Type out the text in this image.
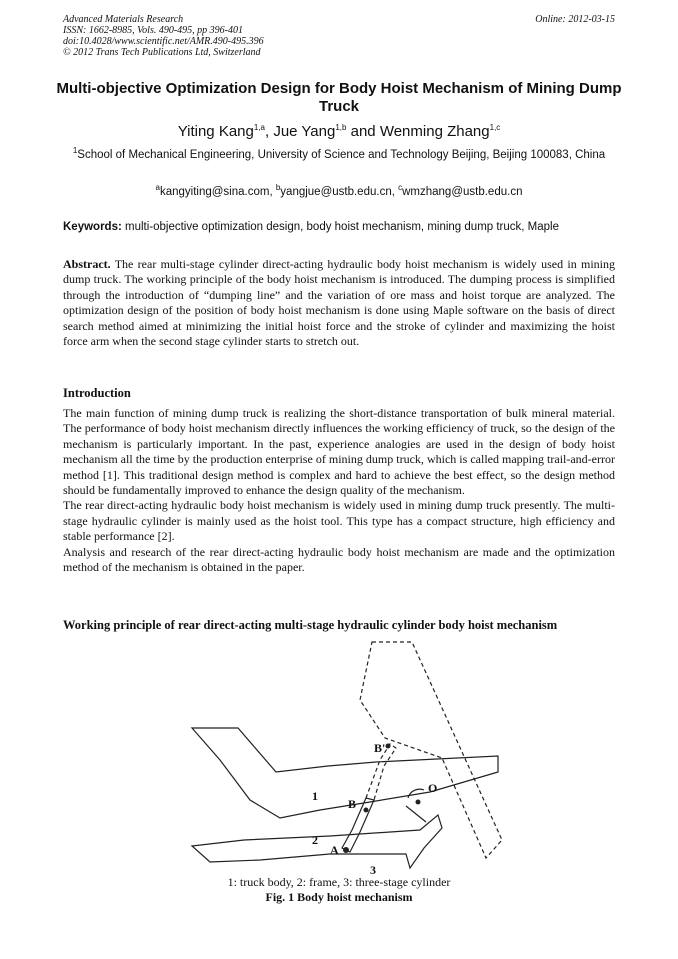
Advanced Materials Research
ISSN: 1662-8985, Vols. 490-495, pp 396-401
doi:10.4028/www.scientific.net/AMR.490-495.396
© 2012 Trans Tech Publications Ltd, Switzerland
Online: 2012-03-15
Multi-objective Optimization Design for Body Hoist Mechanism of Mining Dump Truck
Yiting Kang$^{1,a}$, Jue Yang$^{1,b}$ and Wenming Zhang$^{1,c}$
$^1$School of Mechanical Engineering, University of Science and Technology Beijing, Beijing 100083, China
$^a$kangyiting@sina.com, $^b$yangjue@ustb.edu.cn, $^c$wmzhang@ustb.edu.cn
Keywords: multi-objective optimization design, body hoist mechanism, mining dump truck, Maple
Abstract. The rear multi-stage cylinder direct-acting hydraulic body hoist mechanism is widely used in mining dump truck. The working principle of the body hoist mechanism is introduced. The dumping process is simplified through the introduction of “dumping line” and the variation of ore mass and hoist torque are analyzed. The optimization design of the position of body hoist mechanism is done using Maple software on the basis of direct search method aimed at minimizing the initial hoist force and the stroke of cylinder and maximizing the hoist force arm when the second stage cylinder starts to stretch out.
Introduction

The main function of mining dump truck is realizing the short-distance transportation of bulk mineral material. The performance of body hoist mechanism directly influences the working efficiency of truck, so the design of the mechanism is particularly important. In the past, experience analogies are used in the design of body hoist mechanism all the time by the production enterprise of mining dump truck, which is called mapping trail-and-error method [1]. This traditional design method is complex and hard to achieve the best effect, so the design method should be fundamentally improved to enhance the design quality of the mechanism.

The rear direct-acting hydraulic body hoist mechanism is widely used in mining dump truck presently. The multi-stage hydraulic cylinder is mainly used as the hoist tool. This type has a compact structure, high efficiency and stable performance [2].

Analysis and research of the rear direct-acting hydraulic body hoist mechanism are made and the optimization method of the mechanism is obtained in the paper.

Working principle of rear direct-acting multi-stage hydraulic cylinder body hoist mechanism
B'
O
1
B
2
A
3
1: truck body, 2: frame, 3: three-stage cylinder
Fig. 1 Body hoist mechanism
